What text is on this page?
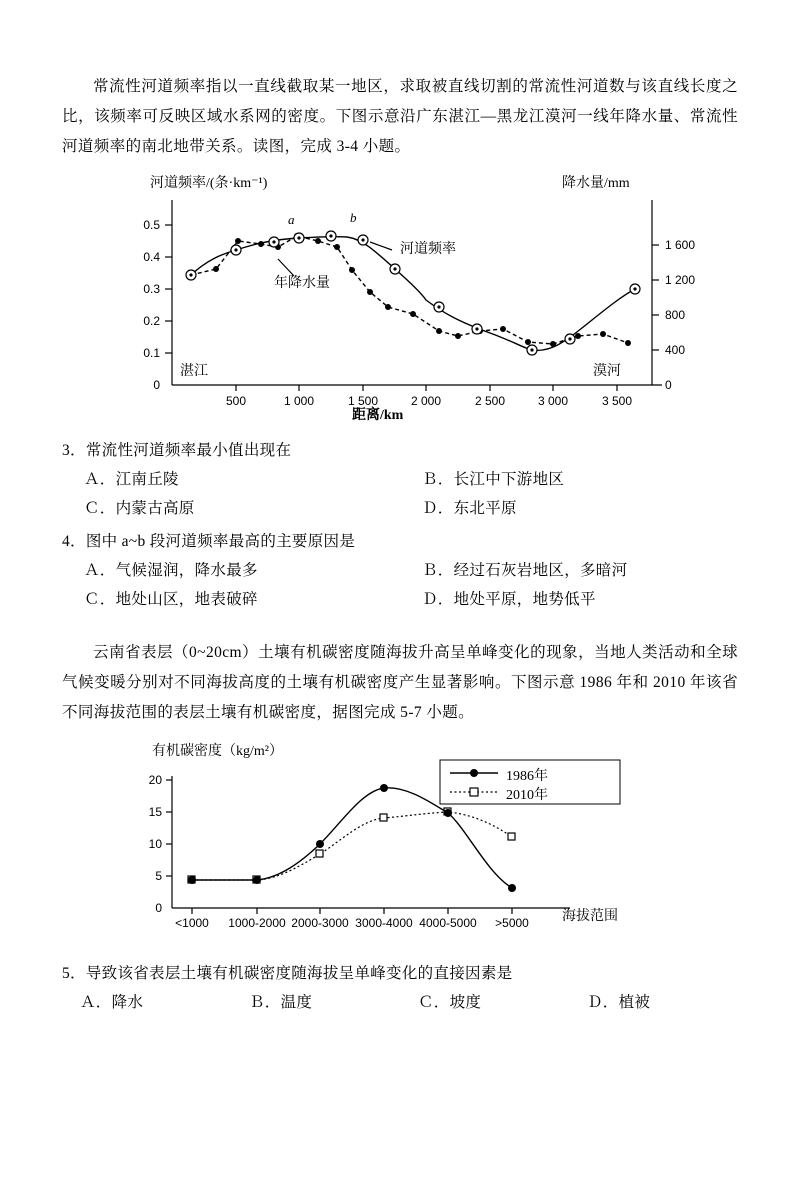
常流性河道频率指以一直线截取某一地区，求取被直线切割的常流性河道数与该直线长度之比，该频率可反映区域水系网的密度。下图示意沿广东湛江—黑龙江漠河一线年降水量、常流性河道频率的南北地带关系。读图，完成 3-4 小题。
河道频率/(条·km⁻¹)	降水量/mm
距离/km
0.5
0.4
0.3
0.2
0.1
0
1 600
1 200
800
400
0
500	1 000	1 500	2 000	2 500	3 000	3 500
a	b
河道频率
年降水量
湛江	漠河
3．常流性河道频率最小值出现在
Ａ．江南丘陵	Ｂ．长江中下游地区
Ｃ．内蒙古高原	Ｄ．东北平原
4．图中 a~b 段河道频率最高的主要原因是
Ａ．气候湿润，降水最多	Ｂ．经过石灰岩地区，多暗河
Ｃ．地处山区，地表破碎	Ｄ．地处平原，地势低平
云南省表层（0~20cm）土壤有机碳密度随海拔升高呈单峰变化的现象，当地人类活动和全球气候变暖分别对不同海拔高度的土壤有机碳密度产生显著影响。下图示意 1986 年和 2010 年该省不同海拔范围的表层土壤有机碳密度，据图完成 5-7 小题。
有机碳密度（kg/m²）
海拔范围
20
15
10
5
0
<1000 1000-2000 2000-3000 3000-4000 4000-5000 >5000
1986年
2010年
5．导致该省表层土壤有机碳密度随海拔呈单峰变化的直接因素是
Ａ．降水	Ｂ．温度	Ｃ．坡度	Ｄ．植被
